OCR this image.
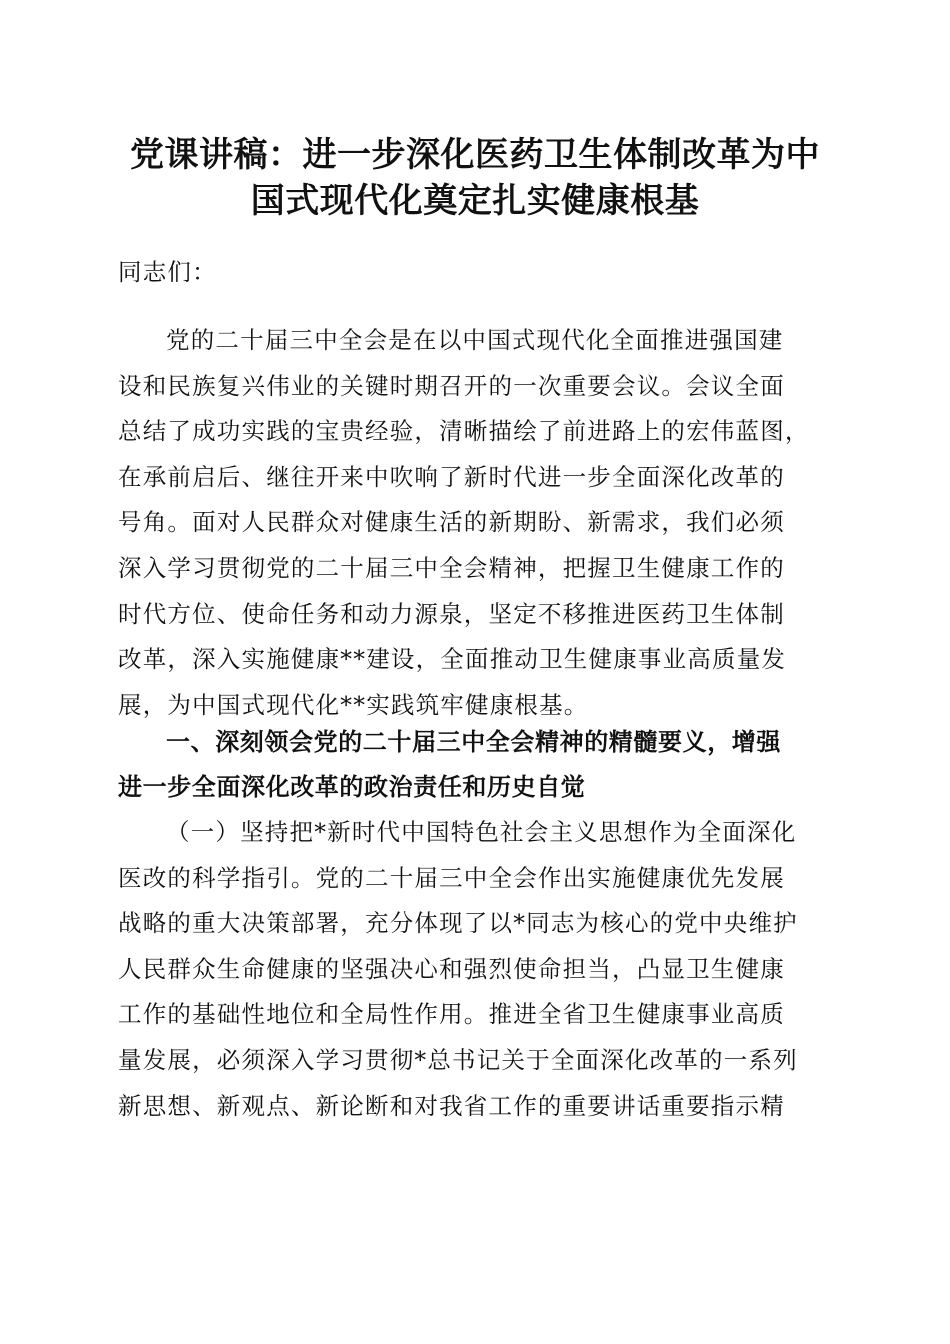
党课讲稿：进一步深化医药卫生体制改革为中
国式现代化奠定扎实健康根基

同志们：

党的二十届三中全会是在以中国式现代化全面推进强国建
设和民族复兴伟业的关键时期召开的一次重要会议。会议全面
总结了成功实践的宝贵经验，清晰描绘了前进路上的宏伟蓝图，
在承前启后、继往开来中吹响了新时代进一步全面深化改革的
号角。面对人民群众对健康生活的新期盼、新需求，我们必须
深入学习贯彻党的二十届三中全会精神，把握卫生健康工作的
时代方位、使命任务和动力源泉，坚定不移推进医药卫生体制
改革，深入实施健康**建设，全面推动卫生健康事业高质量发
展，为中国式现代化**实践筑牢健康根基。

一、深刻领会党的二十届三中全会精神的精髓要义，增强
进一步全面深化改革的政治责任和历史自觉

（一）坚持把*新时代中国特色社会主义思想作为全面深化
医改的科学指引。党的二十届三中全会作出实施健康优先发展
战略的重大决策部署，充分体现了以*同志为核心的党中央维护
人民群众生命健康的坚强决心和强烈使命担当，凸显卫生健康
工作的基础性地位和全局性作用。推进全省卫生健康事业高质
量发展，必须深入学习贯彻*总书记关于全面深化改革的一系列
新思想、新观点、新论断和对我省工作的重要讲话重要指示精
